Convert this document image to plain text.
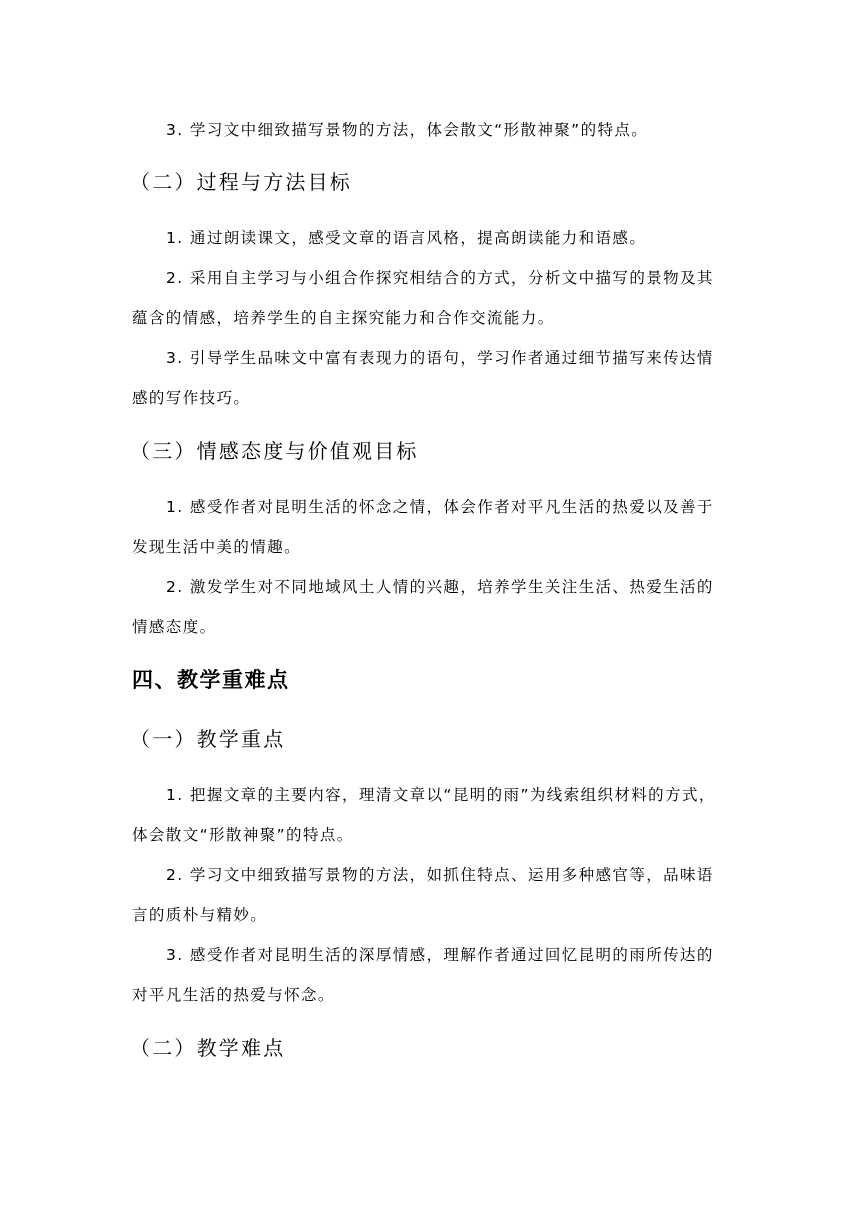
3. 学习文中细致描写景物的方法，体会散文“形散神聚”的特点。
（二）过程与方法目标
1. 通过朗读课文，感受文章的语言风格，提高朗读能力和语感。
2. 采用自主学习与小组合作探究相结合的方式，分析文中描写的景物及其蕴含的情感，培养学生的自主探究能力和合作交流能力。
3. 引导学生品味文中富有表现力的语句，学习作者通过细节描写来传达情感的写作技巧。
（三）情感态度与价值观目标
1. 感受作者对昆明生活的怀念之情，体会作者对平凡生活的热爱以及善于发现生活中美的情趣。
2. 激发学生对不同地域风土人情的兴趣，培养学生关注生活、热爱生活的情感态度。
四、教学重难点
（一）教学重点
1. 把握文章的主要内容，理清文章以“昆明的雨”为线索组织材料的方式，体会散文“形散神聚”的特点。
2. 学习文中细致描写景物的方法，如抓住特点、运用多种感官等，品味语言的质朴与精妙。
3. 感受作者对昆明生活的深厚情感，理解作者通过回忆昆明的雨所传达的对平凡生活的热爱与怀念。
（二）教学难点
